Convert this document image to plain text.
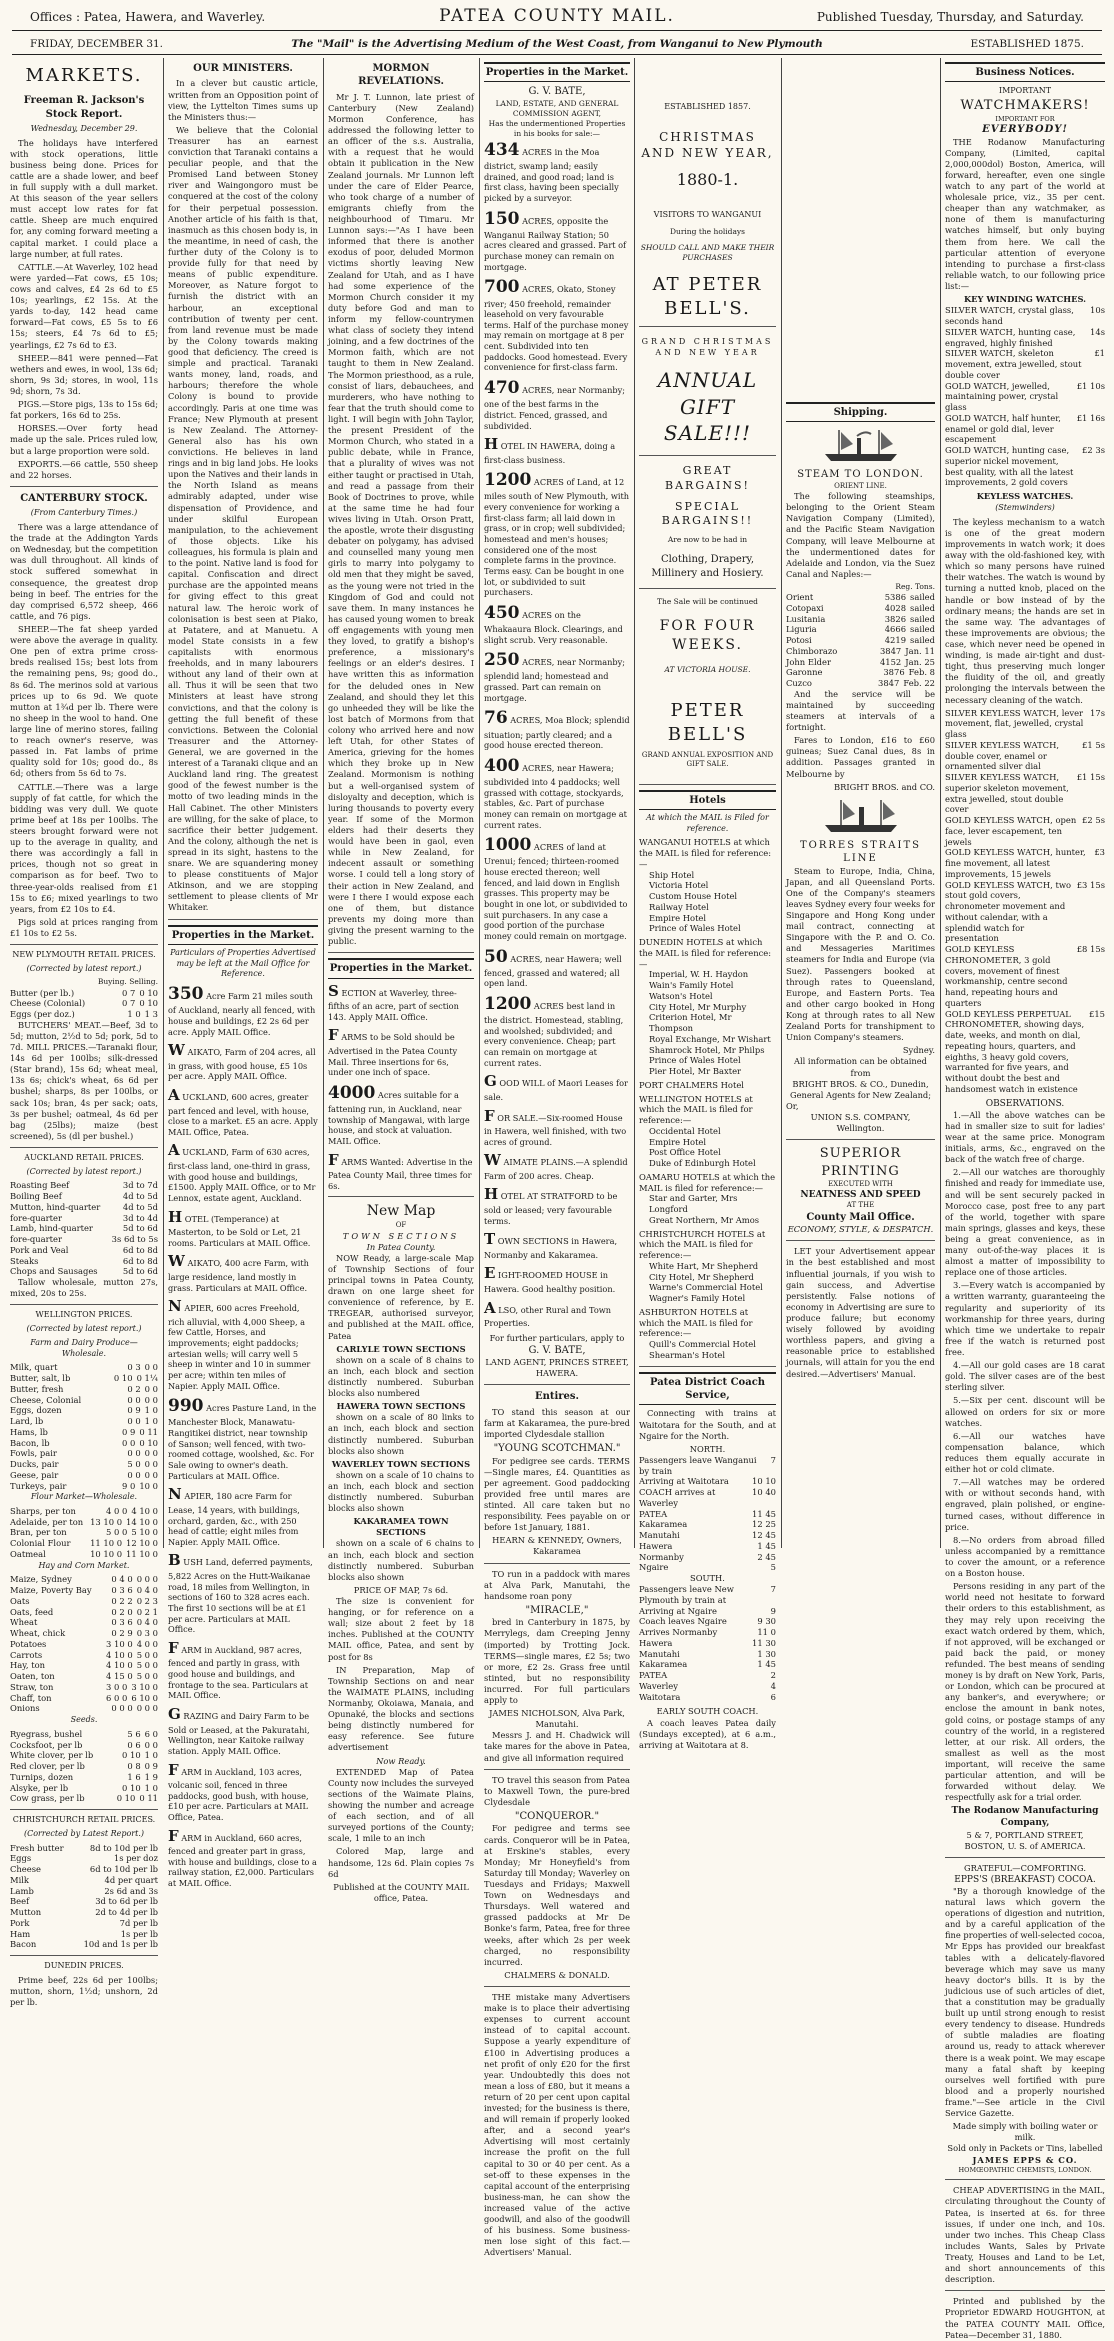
Offices : Patea, Hawera, and Waverley.	PATEA COUNTY MAIL.	Published Tuesday, Thursday, and Saturday.
FRIDAY, DECEMBER 31.	The "Mail" is the Advertising Medium of the West Coast, from Wanganui to New Plymouth	ESTABLISHED 1875.
MARKETS.
Freeman R. Jackson's Stock Report.
Wednesday, December 29.

The holidays have interfered with stock operations, little business being done. Prices for cattle are a shade lower, and beef in full supply with a dull market. At this season of the year sellers must accept low rates for fat cattle. Sheep are much enquired for, any coming forward meeting a capital market. I could place a large number, at full rates.

CATTLE.—At Waverley, 102 head were yarded—Fat cows, £5 10s; cows and calves, £4 2s 6d to £5 10s; yearlings, £2 15s. At the yards to-day, 142 head came forward—Fat cows, £5 5s to £6 15s; steers, £4 7s 6d to £5; yearlings, £2 7s 6d to £3.

SHEEP.—841 were penned—Fat wethers and ewes, in wool, 13s 6d; shorn, 9s 3d; stores, in wool, 11s 9d; shorn, 7s 3d.

PIGS.—Store pigs, 13s to 15s 6d; fat porkers, 16s 6d to 25s.

HORSES.—Over forty head made up the sale. Prices ruled low, but a large proportion were sold.

EXPORTS.—66 cattle, 550 sheep and 22 horses.

CANTERBURY STOCK.
(From Canterbury Times.)

There was a large attendance of the trade at the Addington Yards on Wednesday, but the competition was dull throughout. All kinds of stock suffered somewhat in consequence, the greatest drop being in beef. The entries for the day comprised 6,572 sheep, 466 cattle, and 76 pigs.

SHEEP.—The fat sheep yarded were above the average in quality. One pen of extra prime cross-breds realised 15s; best lots from the remaining pens, 9s; good do., 8s 6d. The merinos sold at various prices up to 6s 9d. We quote mutton at 1¾d per lb. There were no sheep in the wool to hand. One large line of merino stores, failing to reach owner's reserve, was passed in. Fat lambs of prime quality sold for 10s; good do., 8s 6d; others from 5s 6d to 7s.

CATTLE.—There was a large supply of fat cattle, for which the bidding was very dull. We quote prime beef at 18s per 100lbs. The steers brought forward were not up to the average in quality, and there was accordingly a fall in prices, though not so great in comparison as for beef. Two to three-year-olds realised from £1 15s to £6; mixed yearlings to two years, from £2 10s to £4.

Pigs sold at prices ranging from £1 10s to £2 5s.

NEW PLYMOUTH RETAIL PRICES.
(Corrected by latest report.)
Buying. Selling.
Butter (per lb.)	0 7 0 10
Cheese (Colonial)	0 7 0 10
Eggs (per doz.)	1 0 1 3

BUTCHERS' MEAT.—Beef, 3d to 5d; mutton, 2½d to 5d; pork, 5d to 7d. MILL PRICES.—Taranaki flour, 14s 6d per 100lbs; silk-dressed (Star brand), 15s 6d; wheat meal, 13s 6s; chick's wheat, 6s 6d per bushel; sharps, 8s per 100lbs, or sack 10s; bran, 4s per sack; oats, 3s per bushel; oatmeal, 4s 6d per bag (25lbs); maize (best screened), 5s (dl per bushel.)

AUCKLAND RETAIL PRICES.
(Corrected by latest report.)
Roasting Beef	3d to 7d
Boiling Beef	4d to 5d
Mutton, hind-quarter	4d to 5d
fore-quarter	3d to 4d
Lamb, hind-quarter	5d to 6d
fore-quarter	3s 6d to 5s
Pork and Veal	6d to 8d
Steaks	6d to 8d
Chops and Sausages	5d to 6d

Tallow wholesale, mutton 27s, mixed, 20s to 25s.

WELLINGTON PRICES.
(Corrected by latest report.)
Farm and Dairy Produce—Wholesale.
Milk, quart	0 3 0 0
Butter, salt, lb	0 10 0 1¼
Butter, fresh	0 2 0 0
Cheese, Colonial	0 0 0 0
Eggs, dozen	0 9 1 0
Lard, lb	0 0 1 0
Hams, lb	0 9 0 11
Bacon, lb	0 0 0 10
Fowls, pair	0 0 0 0
Ducks, pair	5 0 0 0
Geese, pair	0 0 0 0
Turkeys, pair	9 0 10 0
Flour Market—Wholesale.
Sharps, per ton	4 0 0 4 10 0
Adelaide, per ton 13 10 0 14 10 0
Bran, per ton	5 0 0 5 10 0
Colonial Flour	11 10 0 12 10 0
Oatmeal	10 10 0 11 10 0
Hay and Corn Market.
Maize, Sydney	0 4 0 0 0 0
Maize, Poverty Bay	0 3 6 0 4 0
Oats	0 2 2 0 2 3
Oats, feed	0 2 0 0 2 1
Wheat	0 3 6 0 4 0
Wheat, chick	0 2 9 0 3 0
Potatoes	3 10 0 4 0 0
Carrots	4 10 0 5 0 0
Hay, ton	4 10 0 5 0 0
Oaten, ton	4 15 0 5 0 0
Straw, ton	3 0 0 3 10 0
Chaff, ton	6 0 0 6 10 0
Onions	0 0 0 0 0 0
Seeds.
Ryegrass, bushel	5 6 6 0
Cocksfoot, per lb	0 6 0 0
White clover, per lb	0 10 1 0
Red clover, per lb	0 8 0 9
Turnips, dozen	1 6 1 9
Alsyke, per lb	0 10 1 0
Cow grass, per lb	0 10 0 11
CHRISTCHURCH RETAIL PRICES.
(Corrected by Latest Report.)
Fresh butter	8d to 10d per lb
Eggs	1s per doz
Cheese	6d to 10d per lb
Milk	4d per quart
Lamb	2s 6d and 3s
Beef	3d to 6d per lb
Mutton	2d to 4d per lb
Pork	7d per lb
Ham	1s per lb
Bacon	10d and 1s per lb
DUNEDIN PRICES.

Prime beef, 22s 6d per 100lbs; mutton, shorn, 1½d; unshorn, 2d per lb.

OUR MINISTERS.

In a clever but caustic article, written from an Opposition point of view, the Lyttelton Times sums up the Ministers thus:—

We believe that the Colonial Treasurer has an earnest conviction that Taranaki contains a peculiar people, and that the Promised Land between Stoney river and Waingongoro must be conquered at the cost of the colony for their perpetual possession. Another article of his faith is that, inasmuch as this chosen body is, in the meantime, in need of cash, the further duty of the Colony is to provide fully for that need by means of public expenditure. Moreover, as Nature forgot to furnish the district with an harbour, an exceptional contribution of twenty per cent. from land revenue must be made by the Colony towards making good that deficiency. The creed is simple and practical. Taranaki wants money, land, roads, and harbours; therefore the whole Colony is bound to provide accordingly. Paris at one time was France; New Plymouth at present is New Zealand. The Attorney-General also has his own convictions. He believes in land rings and in big land jobs. He looks upon the Natives and their lands in the North Island as means admirably adapted, under wise dispensation of Providence, and under skilful European manipulation, to the achievement of those objects. Like his colleagues, his formula is plain and to the point. Native land is food for capital. Confiscation and direct purchase are the appointed means for giving effect to this great natural law. The heroic work of colonisation is best seen at Piako, at Patatere, and at Manuetu. A model State consists in a few capitalists with enormous freeholds, and in many labourers without any land of their own at all. Thus it will be seen that two Ministers at least have strong convictions, and that the colony is getting the full benefit of these convictions. Between the Colonial Treasurer and the Attorney-General, we are governed in the interest of a Taranaki clique and an Auckland land ring. The greatest good of the fewest number is the motto of two leading minds in the Hall Cabinet. The other Ministers are willing, for the sake of place, to sacrifice their better judgement. And the colony, although the net is spread in its sight, hastens to the snare. We are squandering money to please constituents of Major Atkinson, and we are stopping settlement to please clients of Mr Whitaker.

Properties in the Market.
Particulars of Properties Advertised may be left at the Mail Office for Reference.
350 Acre Farm 21 miles south of Auckland, nearly all fenced, with house and buildings, £2 2s 6d per acre. Apply MAIL Office.
W AIKATO, Farm of 204 acres, all in grass, with good house, £5 10s per acre. Apply MAIL Office.
A UCKLAND, 600 acres, greater part fenced and level, with house, close to a market. £5 an acre. Apply MAIL Office, Patea.
A UCKLAND, Farm of 630 acres, first-class land, one-third in grass, with good house and buildings, £1500. Apply MAIL Office, or to Mr Lennox, estate agent, Auckland.
H OTEL (Temperance) at Masterton, to be Sold or Let, 21 rooms. Particulars at MAIL Office.
W AIKATO, 400 acre Farm, with large residence, land mostly in grass. Particulars at MAIL Office.
N APIER, 600 acres Freehold, rich alluvial, with 4,000 Sheep, a few Cattle, Horses, and improvements; eight paddocks; artesian wells; will carry well 5 sheep in winter and 10 in summer per acre; within ten miles of Napier. Apply MAIL Office.
990 Acres Pasture Land, in the Manchester Block, Manawatu-Rangitikei district, near township of Sanson; well fenced, with two-roomed cottage, woolshed, &c. For Sale owing to owner's death. Particulars at MAIL Office.
N APIER, 180 acre Farm for Lease, 14 years, with buildings, orchard, garden, &c., with 250 head of cattle; eight miles from Napier. Apply MAIL Office.
B USH Land, deferred payments, 5,822 Acres on the Hutt-Waikanae road, 18 miles from Wellington, in sections of 160 to 328 acres each. The first 10 sections will be at £1 per acre. Particulars at MAIL Office.
F ARM in Auckland, 987 acres, fenced and partly in grass, with good house and buildings, and frontage to the sea. Particulars at MAIL Office.
G RAZING and Dairy Farm to be Sold or Leased, at the Pakuratahi, Wellington, near Kaitoke railway station. Apply MAIL Office.
F ARM in Auckland, 103 acres, volcanic soil, fenced in three paddocks, good bush, with house, £10 per acre. Particulars at MAIL Office, Patea.
F ARM in Auckland, 660 acres, fenced and greater part in grass, with house and buildings, close to a railway station, £2,000. Particulars at MAIL Office.
MORMON REVELATIONS.

Mr J. T. Lunnon, late priest of Canterbury (New Zealand) Mormon Conference, has addressed the following letter to an officer of the s.s. Australia, with a request that he would obtain it publication in the New Zealand journals. Mr Lunnon left under the care of Elder Pearce, who took charge of a number of emigrants chiefly from the neighbourhood of Timaru. Mr Lunnon says:—"As I have been informed that there is another exodus of poor, deluded Mormon victims shortly leaving New Zealand for Utah, and as I have had some experience of the Mormon Church consider it my duty before God and man to inform my fellow-countrymen what class of society they intend joining, and a few doctrines of the Mormon faith, which are not taught to them in New Zealand. The Mormon priesthood, as a rule, consist of liars, debauchees, and murderers, who have nothing to fear that the truth should come to light. I will begin with John Taylor, the present President of the Mormon Church, who stated in a public debate, while in France, that a plurality of wives was not either taught or practised in Utah, and read a passage from their Book of Doctrines to prove, while at the same time he had four wives living in Utah. Orson Pratt, the apostle, wrote their disgusting debater on polygamy, has advised and counselled many young men girls to marry into polygamy to old men that they might be saved, as the young were not tried in the Kingdom of God and could not save them. In many instances he has caused young women to break off engagements with young men they loved, to gratify a bishop's preference, a missionary's feelings or an elder's desires. I have written this as information for the deluded ones in New Zealand, and should they let this go unheeded they will be like the lost batch of Mormons from that colony who arrived here and now left Utah, for other States of America, grieving for the homes which they broke up in New Zealand. Mormonism is nothing but a well-organised system of disloyalty and deception, which is luring thousands to poverty every year. If some of the Mormon elders had their deserts they would have been in gaol, even while in New Zealand, for indecent assault or something worse. I could tell a long story of their action in New Zealand, and were I there I would expose each one of them, but distance prevents my doing more than giving the present warning to the public.

Properties in the Market.
S ECTION at Waverley, three-fifths of an acre, part of section 143. Apply MAIL Office.
F ARMS to be Sold should be Advertised in the Patea County Mail. Three insertions for 6s, under one inch of space.
4000 Acres suitable for a fattening run, in Auckland, near township of Mangawai, with large house, and stock at valuation. MAIL Office.
F ARMS Wanted: Advertise in the Patea County Mail, three times for 6s.
New Map
OF
TOWN SECTIONS
In Patea County.

NOW Ready, a large-scale Map of Township Sections of four principal towns in Patea County, drawn on one large sheet for convenience of reference, by E. TREGEAR, authorised surveyor, and published at the MAIL office, Patea

CARLYLE TOWN SECTIONS

shown on a scale of 8 chains to an inch, each block and section distinctly numbered. Suburban blocks also numbered

HAWERA TOWN SECTIONS

shown on a scale of 80 links to an inch, each block and section distinctly numbered. Suburban blocks also shown

WAVERLEY TOWN SECTIONS

shown on a scale of 10 chains to an inch, each block and section distinctly numbered. Suburban blocks also shown

KAKARAMEA TOWN SECTIONS

shown on a scale of 6 chains to an inch, each block and section distinctly numbered. Suburban blocks also shown

PRICE OF MAP, 7s 6d.

The size is convenient for hanging, or for reference on a wall; size about 2 feet by 18 inches. Published at the COUNTY MAIL office, Patea, and sent by post for 8s

IN Preparation, Map of Township Sections on and near the WAIMATE PLAINS, including Normanby, Okoiawa, Manaia, and Opunaké, the blocks and sections being distinctly numbered for easy reference. See future advertisement

Now Ready.

EXTENDED Map of Patea County now includes the surveyed sections of the Waimate Plains, showing the number and acreage of each section, and of all surveyed portions of the County; scale, 1 mile to an inch

Colored Map, large and handsome, 12s 6d. Plain copies 7s 6d

Published at the COUNTY MAIL office, Patea.
Properties in the Market.
G. V. BATE,
LAND, ESTATE, AND GENERAL COMMISSION AGENT,
Has the undermentioned Properties in his books for sale:—
434 ACRES in the Moa district, swamp land; easily drained, and good road; land is first class, having been specially picked by a surveyor.
150 ACRES, opposite the Wanganui Railway Station; 50 acres cleared and grassed. Part of purchase money can remain on mortgage.
700 ACRES, Okato, Stoney river; 450 freehold, remainder leasehold on very favourable terms. Half of the purchase money may remain on mortgage at 8 per cent. Subdivided into ten paddocks. Good homestead. Every convenience for first-class farm.
470 ACRES, near Normanby; one of the best farms in the district. Fenced, grassed, and subdivided.
H OTEL IN HAWERA, doing a first-class business.
1200 ACRES of Land, at 12 miles south of New Plymouth, with every convenience for working a first-class farm; all laid down in grass, or in crop; well subdivided; homestead and men's houses; considered one of the most complete farms in the province. Terms easy. Can be bought in one lot, or subdivided to suit purchasers.
450 ACRES on the Whakaaura Block. Clearings, and slight scrub. Very reasonable.
250 ACRES, near Normanby; splendid land; homestead and grassed. Part can remain on mortgage.
76 ACRES, Moa Block; splendid situation; partly cleared; and a good house erected thereon.
400 ACRES, near Hawera; subdivided into 4 paddocks; well grassed with cottage, stockyards, stables, &c. Part of purchase money can remain on mortgage at current rates.
1000 ACRES of land at Urenui; fenced; thirteen-roomed house erected thereon; well fenced, and laid down in English grasses. This property may be bought in one lot, or subdivided to suit purchasers. In any case a good portion of the purchase money could remain on mortgage.
50 ACRES, near Hawera; well fenced, grassed and watered; all open land.
1200 ACRES best land in the district. Homestead, stabling, and woolshed; subdivided; and every convenience. Cheap; part can remain on mortgage at current rates.
G OOD WILL of Maori Leases for sale.
F OR SALE.—Six-roomed House in Hawera, well finished, with two acres of ground.
W AIMATE PLAINS.—A splendid Farm of 200 acres. Cheap.
H OTEL AT STRATFORD to be sold or leased; very favourable terms.
T OWN SECTIONS in Hawera, Normanby and Kakaramea.
E IGHT-ROOMED HOUSE in Hawera. Good healthy position.
A LSO, other Rural and Town Properties.
For further particulars, apply to
G. V. BATE,
LAND AGENT, PRINCES STREET, HAWERA.
Entires.

TO stand this season at our farm at Kakaramea, the pure-bred imported Clydesdale stallion

"YOUNG SCOTCHMAN."

For pedigree see cards. TERMS—Single mares, £4. Quantities as per agreement. Good paddocking provided free until mares are stinted. All care taken but no responsibility. Fees payable on or before 1st January, 1881.

HEARN & KENNEDY, Owners, Kakaramea

TO run in a paddock with mares at Alva Park, Manutahi, the handsome roan pony

"MIRACLE,"

bred in Canterbury in 1875, by Merrylegs, dam Creeping Jenny (imported) by Trotting Jock. TERMS—single mares, £2 5s; two or more, £2 2s. Grass free until stinted, but no responsibility incurred. For full particulars apply to

JAMES NICHOLSON, Alva Park, Manutahi.

Messrs J. and H. Chadwick will take mares for the above in Patea, and give all information required

TO travel this season from Patea to Maxwell Town, the pure-bred Clydesdale

"CONQUEROR."

For pedigree and terms see cards. Conqueror will be in Patea, at Erskine's stables, every Monday; Mr Honeyfield's from Saturday till Monday; Waverley on Tuesdays and Fridays; Maxwell Town on Wednesdays and Thursdays. Well watered and grassed paddocks at Mr De Bonke's farm, Patea, free for three weeks, after which 2s per week charged, no responsibility incurred.

CHALMERS & DONALD.

THE mistake many Advertisers make is to place their advertising expenses to current account instead of to capital account. Suppose a yearly expenditure of £100 in Advertising produces a net profit of only £20 for the first year. Undoubtedly this does not mean a loss of £80, but it means a return of 20 per cent upon capital invested; for the business is there, and will remain if properly looked after, and a second year's Advertising will most certainly increase the profit on the full capital to 30 or 40 per cent. As a set-off to these expenses in the capital account of the enterprising business-man, he can show the increased value of the active goodwill, and also of the goodwill of his business. Some business-men lose sight of this fact.—Advertisers' Manual.

ESTABLISHED 1857.
CHRISTMAS AND NEW YEAR,
1880-1.
VISITORS TO WANGANUI
During the holidays
SHOULD CALL AND MAKE THEIR PURCHASES
AT PETER BELL'S.
GRAND CHRISTMAS AND NEW YEAR
ANNUAL GIFT SALE!!!
GREAT BARGAINS!
SPECIAL BARGAINS!!
Are now to be had in
Clothing, Drapery, Millinery and Hosiery.
The Sale will be continued
FOR FOUR WEEKS.
AT VICTORIA HOUSE.
PETER BELL'S
GRAND ANNUAL EXPOSITION AND GIFT SALE.
Hotels
At which the MAIL is Filed for reference.
WANGANUI HOTELS at which the MAIL is filed for reference:—
Ship Hotel
Victoria Hotel
Custom House Hotel
Railway Hotel
Empire Hotel
Prince of Wales Hotel
DUNEDIN HOTELS at which the MAIL is filed for reference:—
Imperial, W. H. Haydon
Wain's Family Hotel
Watson's Hotel
City Hotel, Mr Murphy
Criterion Hotel, Mr Thompson
Royal Exchange, Mr Wishart
Shamrock Hotel, Mr Philps
Prince of Wales Hotel
Pier Hotel, Mr Baxter
PORT CHALMERS Hotel
WELLINGTON HOTELS at which the MAIL is filed for reference:—
Occidental Hotel
Empire Hotel
Post Office Hotel
Duke of Edinburgh Hotel
OAMARU HOTELS at which the MAIL is filed for reference:—
Star and Garter, Mrs Longford
Great Northern, Mr Amos
CHRISTCHURCH HOTELS at which the MAIL is filed for reference:—
White Hart, Mr Shepherd
City Hotel, Mr Shepherd
Warne's Commercial Hotel
Wagner's Family Hotel
ASHBURTON HOTELS at which the MAIL is filed for reference:—
Quill's Commercial Hotel
Shearman's Hotel
Patea District Coach Service,

Connecting with trains at Waitotara for the South, and at Ngaire for the North.

NORTH.
Passengers leave Wanganui by train
7
Arriving at Waitotara	10 10
COACH arrives at Waverley
10 40
PATEA	11 45
Kakaramea	12 25
Manutahi	12 45
Hawera	1 45
Normanby	2 45
Ngaire	5
SOUTH.
Passengers leave New Plymouth by train at
7
Arriving at Ngaire	9
Coach leaves Ngaire	9 30
Arrives Normanby	11 0
Hawera	11 30
Manutahi	1 30
Kakaramea	1 45
PATEA	2
Waverley	4
Waitotara	6
EARLY SOUTH COACH.

A coach leaves Patea daily (Sundays excepted), at 6 a.m., arriving at Waitotara at 8.

Shipping.
STEAM TO LONDON.
ORIENT LINE.

The following steamships, belonging to the Orient Steam Navigation Company (Limited), and the Pacific Steam Navigation Company, will leave Melbourne at the undermentioned dates for Adelaide and London, via the Suez Canal and Naples:—

Reg. Tons.
Orient	5386 sailed
Cotopaxi	4028 sailed
Lusitania	3826 sailed
Liguria	4666 sailed
Potosi	4219 sailed
Chimborazo	3847 Jan. 11
John Elder	4152 Jan. 25
Garonne	3876 Feb. 8
Cuzco	3847 Feb. 22

And the service will be maintained by succeeding steamers at intervals of a fortnight.

Fares to London, £16 to £60 guineas; Suez Canal dues, 8s in addition. Passages granted in Melbourne by

BRIGHT BROS. and CO.
TORRES STRAITS LINE

Steam to Europe, India, China, Japan, and all Queensland Ports. One of the Company's steamers leaves Sydney every four weeks for Singapore and Hong Kong under mail contract, connecting at Singapore with the P. and O. Co. and Messageries Maritimes steamers for India and Europe (via Suez). Passengers booked at through rates to Queensland, Europe, and Eastern Ports. Tea and other cargo booked in Hong Kong at through rates to all New Zealand Ports for transhipment to Union Company's steamers.

Sydney.
All information can be obtained from
BRIGHT BROS. & CO., Dunedin,
General Agents for New Zealand;
Or,
UNION S.S. COMPANY, Wellington.
SUPERIOR PRINTING
EXECUTED WITH
NEATNESS AND SPEED
AT THE
County Mail Office.
ECONOMY, STYLE, & DESPATCH.

LET your Advertisement appear in the best established and most influential journals, if you wish to gain success, and Advertise persistently. False notions of economy in Advertising are sure to produce failure; but economy wisely followed by avoiding worthless papers, and giving a reasonable price to established journals, will attain for you the end desired.—Advertisers' Manual.

Business Notices.
IMPORTANT
WATCHMAKERS!
IMPORTANT FOR
EVERYBODY!

THE Rodanow Manufacturing Company, (Limited, capital 2,000,000dol) Boston, America, will forward, hereafter, even one single watch to any part of the world at wholesale price, viz., 35 per cent. cheaper than any watchmaker, as none of them is manufacturing watches himself, but only buying them from here. We call the particular attention of everyone intending to purchase a first-class reliable watch, to our following price list:—

KEY WINDING WATCHES.
SILVER WATCH, crystal glass, seconds hand
10s
SILVER WATCH, hunting case, engraved, highly finished
14s
SILVER WATCH, skeleton movement, extra jewelled, stout double cover
£1
GOLD WATCH, jewelled, maintaining power, crystal glass
£1 10s
GOLD WATCH, half hunter, enamel or gold dial, lever escapement
£1 16s
GOLD WATCH, hunting case, superior nickel movement, best quality, with all the latest improvements, 2 gold covers
£2 3s
KEYLESS WATCHES.
(Stemwinders)

The keyless mechanism to a watch is one of the great modern improvements in watch work; it does away with the old-fashioned key, with which so many persons have ruined their watches. The watch is wound by turning a nutted knob, placed on the handle or bow instead of by the ordinary means; the hands are set in the same way. The advantages of these improvements are obvious; the case, which never need be opened in winding, is made air-tight and dust-tight, thus preserving much longer the fluidity of the oil, and greatly prolonging the intervals between the necessary cleaning of the watch.

SILVER KEYLESS WATCH, lever movement, flat, jewelled, crystal glass
17s
SILVER KEYLESS WATCH, double cover, enamel or ornamented silver dial
£1 5s
SILVER KEYLESS WATCH, superior skeleton movement, extra jewelled, stout double cover
£1 15s
GOLD KEYLESS WATCH, open face, lever escapement, ten jewels
£2 5s
GOLD KEYLESS WATCH, hunter, fine movement, all latest improvements, 15 jewels
£3
GOLD KEYLESS WATCH, two stout gold covers, chronometer movement and without calendar, with a splendid watch for presentation
£3 15s
GOLD KEYLESS CHRONOMETER, 3 gold covers, movement of finest workmanship, centre second hand, repeating hours and quarters
£8 15s
GOLD KEYLESS PERPETUAL CHRONOMETER, showing days, date, weeks, and month on dial, repeating hours, quarters, and eighths, 3 heavy gold covers, warranted for five years, and without doubt the best and handsomest watch in existence
£15
OBSERVATIONS.

1.—All the above watches can be had in smaller size to suit for ladies' wear at the same price. Monogram initials, arms, &c., engraved on the back of the watch free of charge.

2.—All our watches are thoroughly finished and ready for immediate use, and will be sent securely packed in Morocco case, post free to any part of the world, together with spare main springs, glasses and keys, these being a great convenience, as in many out-of-the-way places it is almost a matter of impossibility to replace one of those articles.

3.—Every watch is accompanied by a written warranty, guaranteeing the regularity and superiority of its workmanship for three years, during which time we undertake to repair free if the watch is returned post free.

4.—All our gold cases are 18 carat gold. The silver cases are of the best sterling silver.

5.—Six per cent. discount will be allowed on orders for six or more watches.

6.—All our watches have compensation balance, which reduces them equally accurate in either hot or cold climate.

7.—All watches may be ordered with or without seconds hand, with engraved, plain polished, or engine-turned cases, without difference in price.

8.—No orders from abroad filled unless accompanied by a remittance to cover the amount, or a reference on a Boston house.

Persons residing in any part of the world need not hesitate to forward their orders to this establishment, as they may rely upon receiving the exact watch ordered by them, which, if not approved, will be exchanged or paid back the paid, or money refunded. The best means of sending money is by draft on New York, Paris, or London, which can be procured at any banker's, and everywhere; or enclose the amount in bank notes, gold coins, or postage stamps of any country of the world, in a registered letter, at our risk. All orders, the smallest as well as the most important, will receive the same particular attention, and will be forwarded without delay. We respectfully ask for a trial order.

The Rodanow Manufacturing Company,
5 & 7, PORTLAND STREET, BOSTON, U. S. of AMERICA.
GRATEFUL—COMFORTING.
EPPS'S (BREAKFAST) COCOA.

"By a thorough knowledge of the natural laws which govern the operations of digestion and nutrition, and by a careful application of the fine properties of well-selected cocoa, Mr Epps has provided our breakfast tables with a delicately-flavored beverage which may save us many heavy doctor's bills. It is by the judicious use of such articles of diet, that a constitution may be gradually built up until strong enough to resist every tendency to disease. Hundreds of subtle maladies are floating around us, ready to attack wherever there is a weak point. We may escape many a fatal shaft by keeping ourselves well fortified with pure blood and a properly nourished frame."—See article in the Civil Service Gazette.

Made simply with boiling water or milk.
Sold only in Packets or Tins, labelled
JAMES EPPS & CO.
HOMŒOPATHIC CHEMISTS, LONDON.

CHEAP ADVERTISING in the MAIL, circulating throughout the County of Patea, is inserted at 6s. for three issues, if under one inch, and 10s. under two inches. This Cheap Class includes Wants, Sales by Private Treaty, Houses and Land to be Let, and short announcements of this description.

Printed and published by the Proprietor EDWARD HOUGHTON, at the PATEA COUNTY MAIL Office, Patea—December 31, 1880.
